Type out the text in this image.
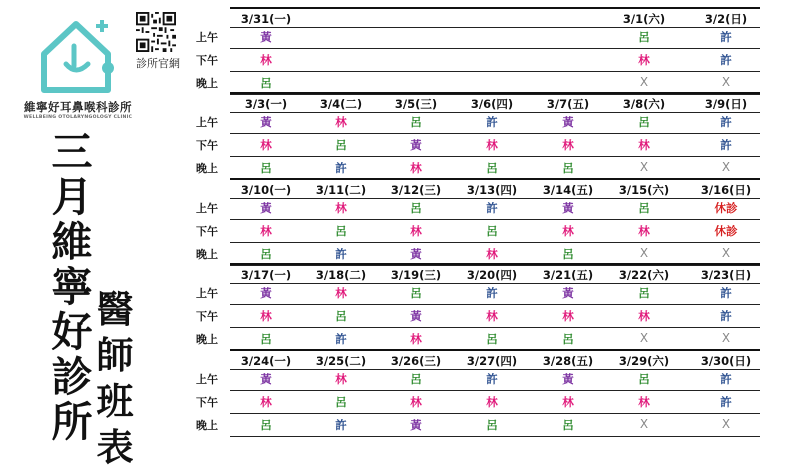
診所官網
維寧好耳鼻喉科診所
WELLBEING OTOLARYNGOLOGY CLINIC
三月維寧好診所
醫師班表
3/31(一)	3/1(六)	3/2(日)
上午	黃	呂	許
下午	林	林	許
晚上	呂	X	X
3/3(一)	3/4(二)	3/5(三)	3/6(四)	3/7(五)	3/8(六)	3/9(日)
上午	黃	林	呂	許	黃	呂	許
下午	林	呂	黃	林	林	林	許
晚上	呂	許	林	呂	呂	X	X
3/10(一)	3/11(二)	3/12(三)	3/13(四)	3/14(五)	3/15(六)	3/16(日)
上午	黃	林	呂	許	黃	呂	休診
下午	林	呂	林	呂	林	林	休診
晚上	呂	許	黃	林	呂	X	X
3/17(一)	3/18(二)	3/19(三)	3/20(四)	3/21(五)	3/22(六)	3/23(日)
上午	黃	林	呂	許	黃	呂	許
下午	林	呂	黃	林	林	林	許
晚上	呂	許	林	呂	呂	X	X
3/24(一)	3/25(二)	3/26(三)	3/27(四)	3/28(五)	3/29(六)	3/30(日)
上午	黃	林	呂	許	黃	呂	許
下午	林	呂	林	林	林	林	許
晚上	呂	許	黃	呂	呂	X	X
